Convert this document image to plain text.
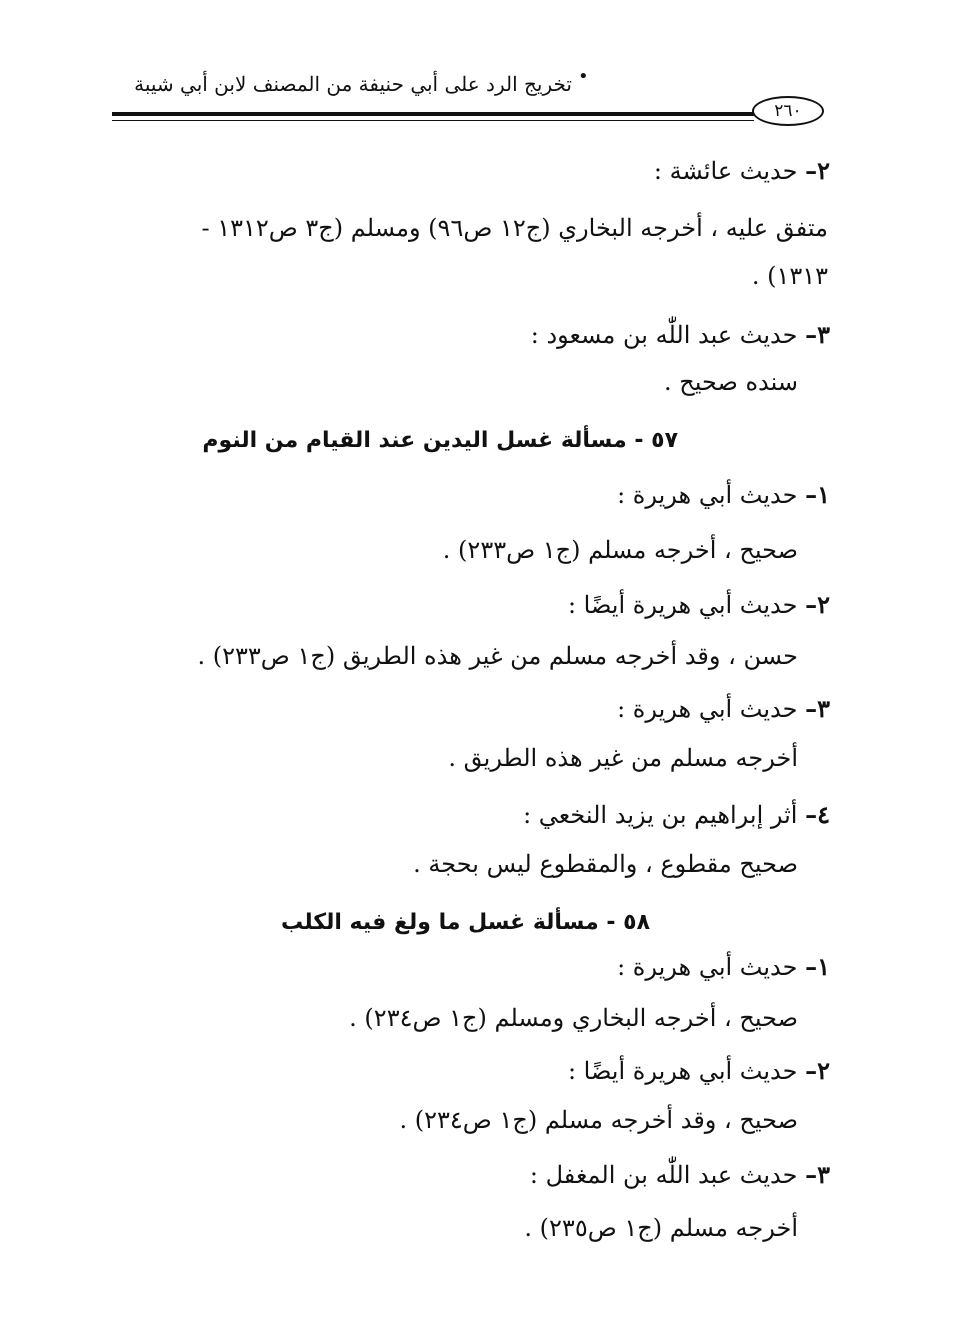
تخريج الرد على أبي حنيفة من المصنف لابن أبي شيبة •
٢٦٠
٢– حديث عائشة :
متفق عليه ، أخرجه البخاري (ج١٢ ص٩٦) ومسلم (ج٣ ص١٣١٢ -
١٣١٣) .
٣– حديث عبد اللّٰه بن مسعود :
سنده صحيح .
٥٧ - مسألة غسل اليدين عند القيام من النوم
١– حديث أبي هريرة :
صحيح ، أخرجه مسلم (ج١ ص٢٣٣) .
٢– حديث أبي هريرة أيضًا :
حسن ، وقد أخرجه مسلم من غير هذه الطريق (ج١ ص٢٣٣) .
٣– حديث أبي هريرة :
أخرجه مسلم من غير هذه الطريق .
٤– أثر إبراهيم بن يزيد النخعي :
صحيح مقطوع ، والمقطوع ليس بحجة .
٥٨ - مسألة غسل ما ولغ فيه الكلب
١– حديث أبي هريرة :
صحيح ، أخرجه البخاري ومسلم (ج١ ص٢٣٤) .
٢– حديث أبي هريرة أيضًا :
صحيح ، وقد أخرجه مسلم (ج١ ص٢٣٤) .
٣– حديث عبد اللّٰه بن المغفل :
أخرجه مسلم (ج١ ص٢٣٥) .
